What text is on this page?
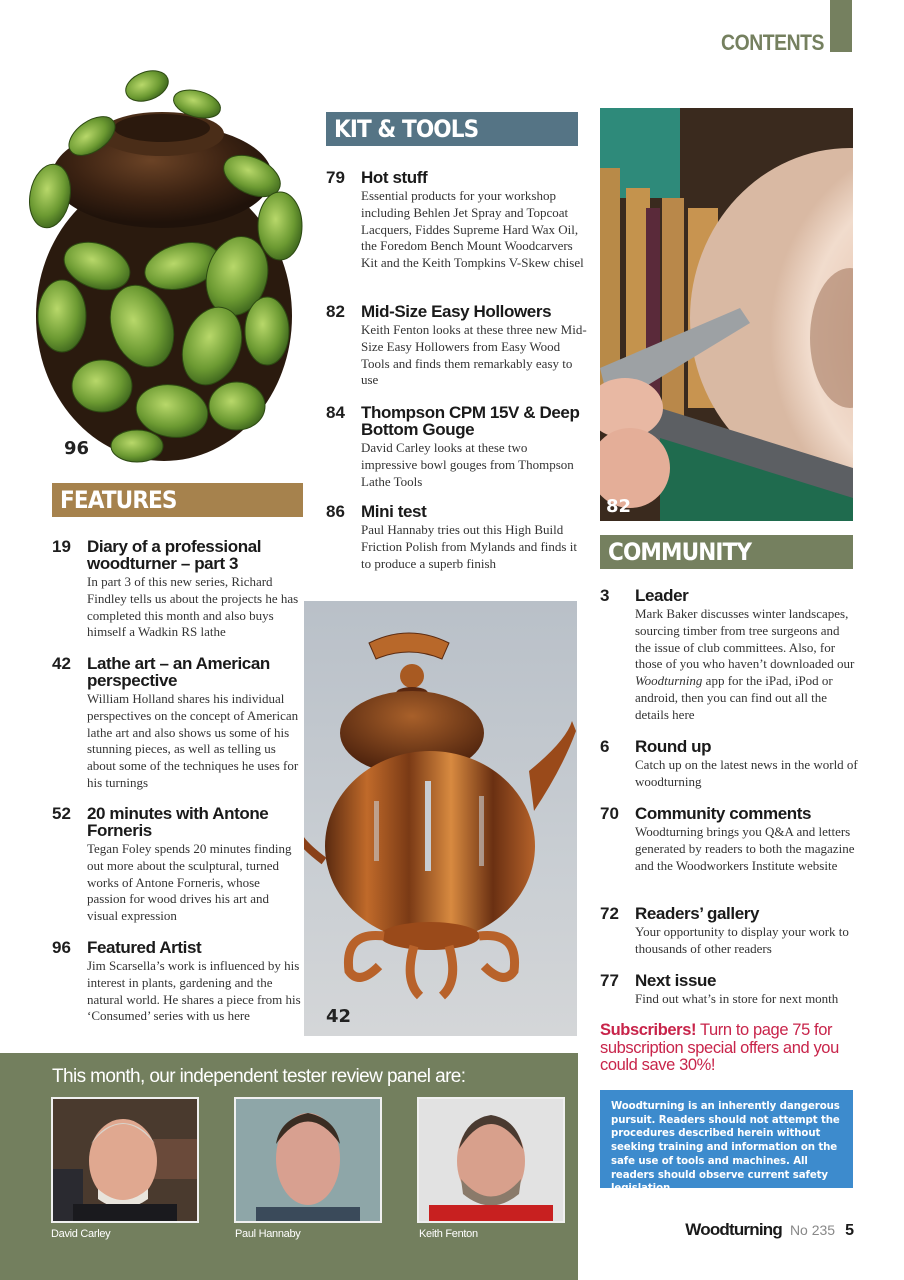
CONTENTS
96
KIT & TOOLS
79 Hot stuff
Essential products for your workshop including Behlen Jet Spray and Topcoat Lacquers, Fiddes Supreme Hard Wax Oil, the Foredom Bench Mount Woodcarvers Kit and the Keith Tompkins V-Skew chisel
82 Mid-Size Easy Hollowers
Keith Fenton looks at these three new Mid-Size Easy Hollowers from Easy Wood Tools and finds them remarkably easy to use
84 Thompson CPM 15V & Deep Bottom Gouge
David Carley looks at these two impressive bowl gouges from Thompson Lathe Tools
86 Mini test
Paul Hannaby tries out this High Build Friction Polish from Mylands and finds it to produce a superb finish
82
FEATURES
19 Diary of a professional woodturner – part 3
In part 3 of this new series, Richard Findley tells us about the projects he has completed this month and also buys himself a Wadkin RS lathe
42 Lathe art – an American perspective
William Holland shares his individual perspectives on the concept of American lathe art and also shows us some of his stunning pieces, as well as telling us about some of the techniques he uses for his turnings
52 20 minutes with Antone Forneris
Tegan Foley spends 20 minutes finding out more about the sculptural, turned works of Antone Forneris, whose passion for wood drives his art and visual expression
96 Featured Artist
Jim Scarsella’s work is influenced by his interest in plants, gardening and the natural world. He shares a piece from his ‘Consumed’ series with us here	42
COMMUNITY
3 Leader
Mark Baker discusses winter landscapes, sourcing timber from tree surgeons and the issue of club committees. Also, for those of you who haven’t downloaded our Woodturning app for the iPad, iPod or android, then you can find out all the details here
6 Round up
Catch up on the latest news in the world of woodturning
70 Community comments
Woodturning brings you Q&A and letters generated by readers to both the magazine and the Woodworkers Institute website
72 Readers’ gallery
Your opportunity to display your work to thousands of other readers
77 Next issue
Find out what’s in store for next month
Subscribers! Turn to page 75 for subscription special offers and you could save 30%!
Woodturning is an inherently dangerous pursuit. Readers should not attempt the procedures described herein without seeking training and information on the safe use of tools and machines. All readers should observe current safety legislation.
This month, our independent tester review panel are:
David Carley	Paul Hannaby	Keith Fenton	Woodturning No 235 5
